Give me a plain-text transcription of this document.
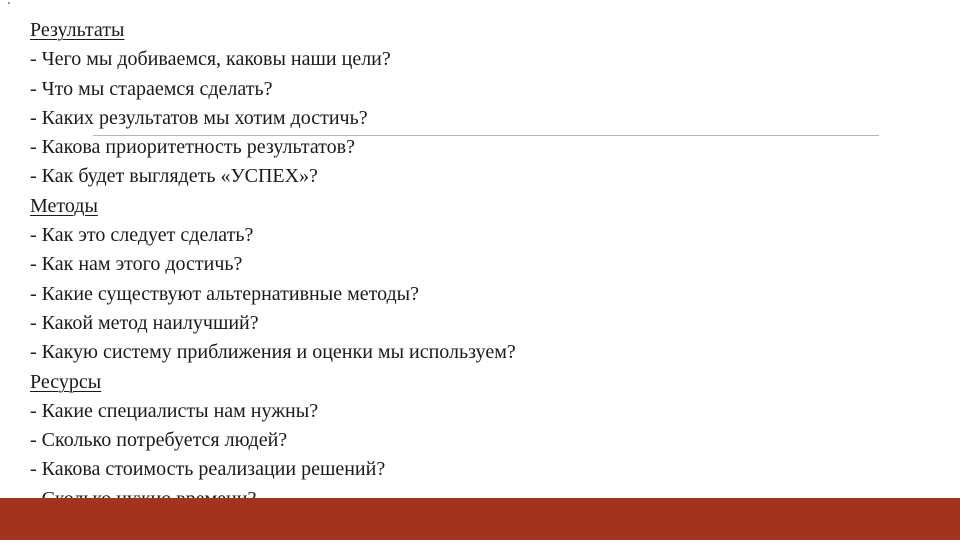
Результаты
- Чего мы добиваемся, каковы наши цели?
- Что мы стараемся сделать?
- Каких результатов мы хотим достичь?
- Какова приоритетность результатов?
- Как будет выглядеть «УСПЕХ»?
Методы
- Как это следует сделать?
- Как нам этого достичь?
- Какие существуют альтернативные методы?
- Какой метод наилучший?
- Какую систему приближения и оценки мы используем?
Ресурсы
- Какие специалисты нам нужны?
- Сколько потребуется людей?
- Какова стоимость реализации решений?
